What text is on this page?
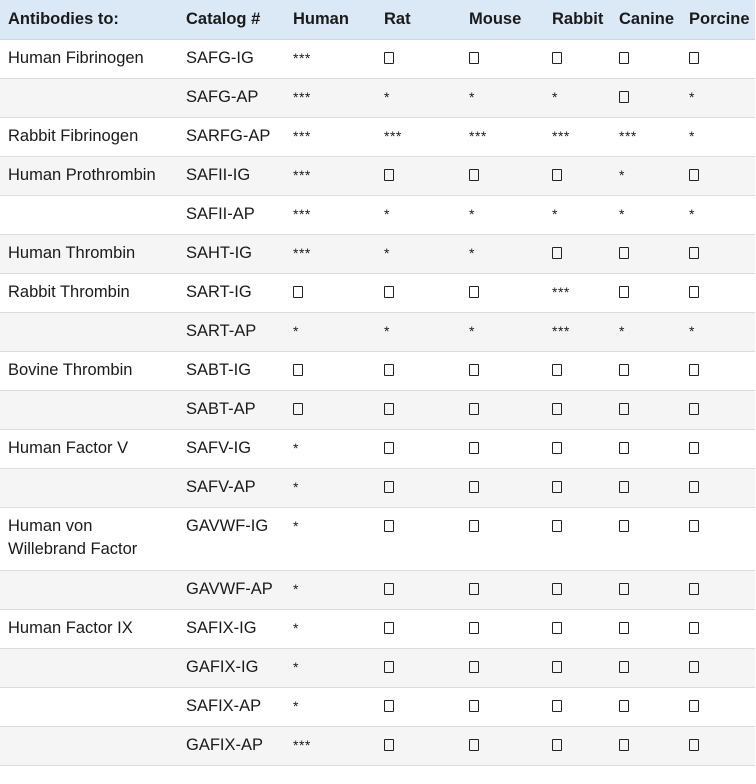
Antibodies to:	Catalog #	Human	Rat	Mouse	Rabbit	Canine	Porcine
Human Fibrinogen	SAFG-IG	***					
	SAFG-AP	***	*	*	*		*
Rabbit Fibrinogen	SARFG-AP	***	***	***	***	***	*
Human Prothrombin	SAFII-IG	***				*	
	SAFII-AP	***	*	*	*	*	*
Human Thrombin	SAHT-IG	***	*	*			
Rabbit Thrombin	SART-IG				***		
	SART-AP	*	*	*	***	*	*
Bovine Thrombin	SABT-IG						
	SABT-AP						
Human Factor V	SAFV-IG	*					
	SAFV-AP	*					
Human von Willebrand Factor	GAVWF-IG	*					
	GAVWF-AP	*					
Human Factor IX	SAFIX-IG	*					
	GAFIX-IG	*					
	SAFIX-AP	*					
	GAFIX-AP	***					
